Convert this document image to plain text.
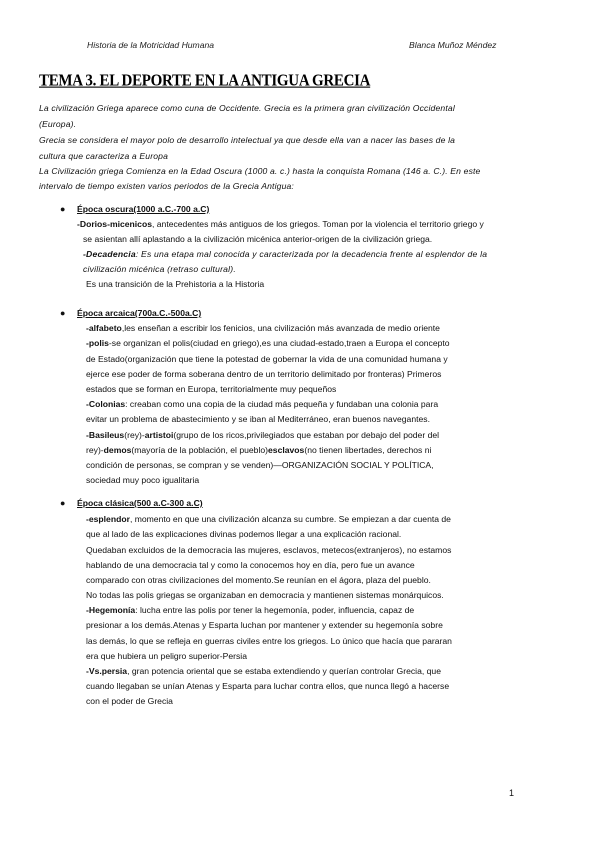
Historia de la Motricidad Humana	Blanca Muñoz Méndez
TEMA 3. EL DEPORTE EN LA ANTIGUA GRECIA
La civilización Griega aparece como cuna de Occidente. Grecia es la primera gran civilización Occidental
(Europa).
Grecia se considera el mayor polo de desarrollo intelectual ya que desde ella van a nacer las bases de la
cultura que caracteriza a Europa
La Civilización griega Comienza en la Edad Oscura (1000 a. c.) hasta la conquista Romana (146 a. C.). En este
intervalo de tiempo existen varios periodos de la Grecia Antigua:
● Época oscura(1000 a.C.-700 a.C)
-Dorios-micenicos, antecedentes más antiguos de los griegos. Toman por la violencia el territorio griego y
se asientan allí aplastando a la civilización micénica anterior-origen de la civilización griega.
-Decadencia: Es una etapa mal conocida y caracterizada por la decadencia frente al esplendor de la
civilización micénica (retraso cultural).
Es una transición de la Prehistoria a la Historia
● Época arcaica(700a.C.-500a.C)
-alfabeto,les enseñan a escribir los fenicios, una civilización más avanzada de medio oriente
-polis-se organizan el polis(ciudad en griego),es una ciudad-estado,traen a Europa el concepto
de Estado(organización que tiene la potestad de gobernar la vida de una comunidad humana y
ejerce ese poder de forma soberana dentro de un territorio delimitado por fronteras) Primeros
estados que se forman en Europa, territorialmente muy pequeños
-Colonias: creaban como una copia de la ciudad más pequeña y fundaban una colonia para
evitar un problema de abastecimiento y se iban al Mediterráneo, eran buenos navegantes.
-Basileus(rey)-artistoi(grupo de los ricos,privilegiados que estaban por debajo del poder del
rey)-demos(mayoría de la población, el pueblo)esclavos(no tienen libertades, derechos ni
condición de personas, se compran y se venden)—ORGANIZACIÓN SOCIAL Y POLÍTICA,
sociedad muy poco igualitaria
● Época clásica(500 a.C-300 a.C)
-esplendor, momento en que una civilización alcanza su cumbre. Se empiezan a dar cuenta de
que al lado de las explicaciones divinas podemos llegar a una explicación racional.
Quedaban excluidos de la democracia las mujeres, esclavos, metecos(extranjeros), no estamos
hablando de una democracia tal y como la conocemos hoy en día, pero fue un avance
comparado con otras civilizaciones del momento.Se reunían en el ágora, plaza del pueblo.
No todas las polis griegas se organizaban en democracia y mantienen sistemas monárquicos.
-Hegemonía: lucha entre las polis por tener la hegemonía, poder, influencia, capaz de
presionar a los demás.Atenas y Esparta luchan por mantener y extender su hegemonía sobre
las demás, lo que se refleja en guerras civiles entre los griegos. Lo único que hacía que pararan
era que hubiera un peligro superior-Persia
-Vs.persia, gran potencia oriental que se estaba extendiendo y querían controlar Grecia, que
cuando llegaban se unían Atenas y Esparta para luchar contra ellos, que nunca llegó a hacerse
con el poder de Grecia
1
